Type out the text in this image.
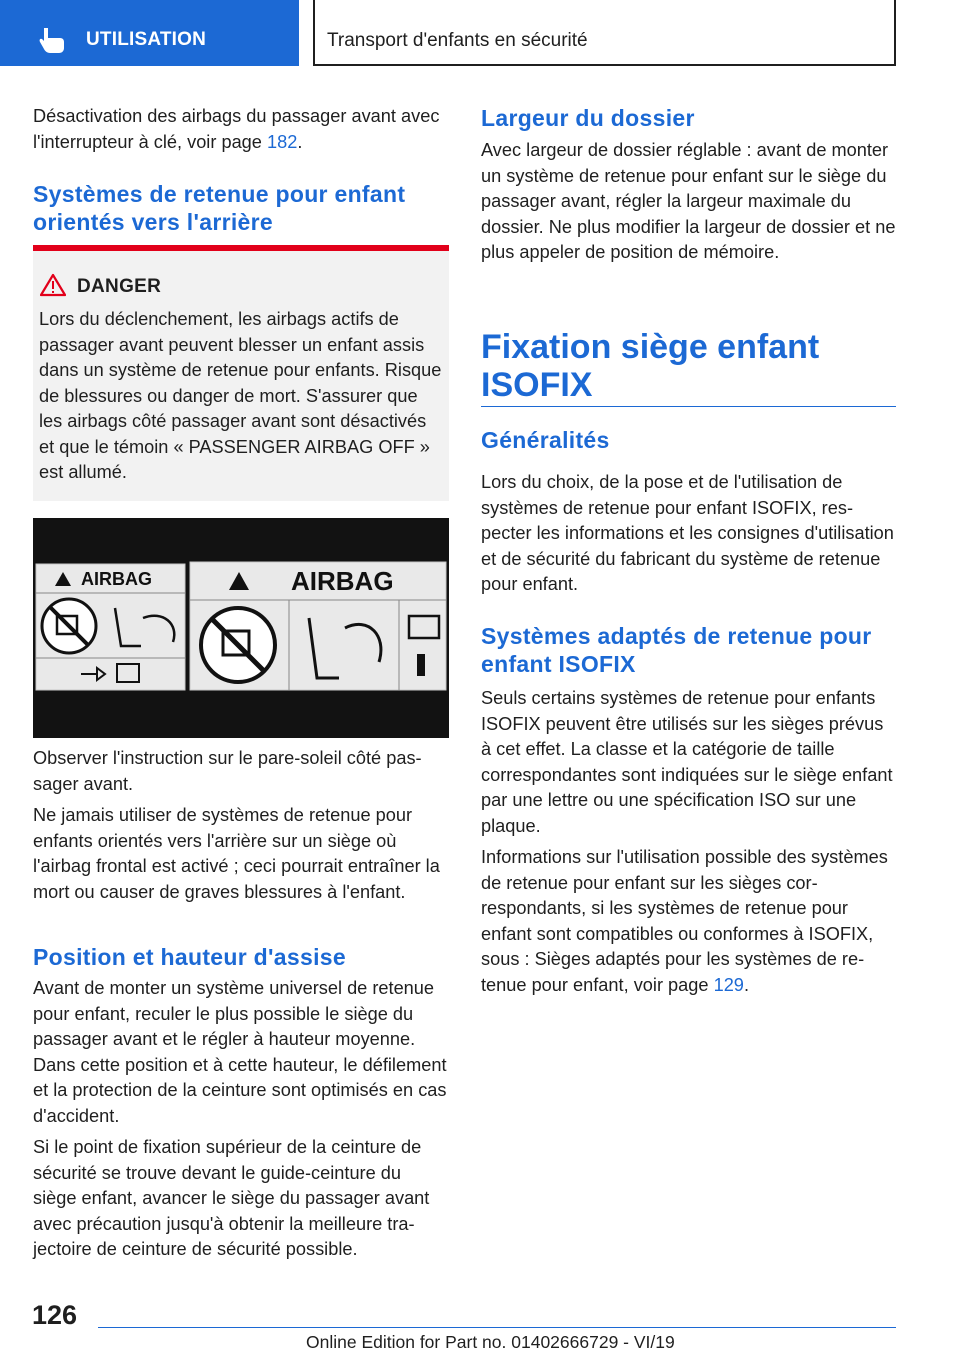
UTILISATION	Transport d'enfants en sécurité

Désactivation des airbags du passager avant avec l'interrupteur à clé, voir page 182.

Systèmes de retenue pour enfant orientés vers l'arrière
DANGER
Lors du déclenchement, les airbags actifs de passager avant peuvent blesser un enfant assis dans un système de retenue pour enfants. Risque de blessures ou danger de mort. S'assurer que les airbags côté passager avant sont désactivés et que le témoin « PASSENGER AIRBAG OFF » est allumé.
AIRBAG	AIRBAG

Observer l'instruction sur le pare-soleil côté passager avant.

Ne jamais utiliser de systèmes de retenue pour enfants orientés vers l'arrière sur un siège où l'airbag frontal est activé ; ceci pourrait entraîner la mort ou causer de graves blessures à l'enfant.

Position et hauteur d'assise

Avant de monter un système universel de retenue pour enfant, reculer le plus possible le siège du passager avant et le régler à hauteur moyenne. Dans cette position et à cette hauteur, le défilement et la protection de la ceinture sont optimisés en cas d'accident.

Si le point de fixation supérieur de la ceinture de sécurité se trouve devant le guide-ceinture du siège enfant, avancer le siège du passager avant avec précaution jusqu'à obtenir la meilleure trajectoire de ceinture de sécurité possible.

Largeur du dossier

Avec largeur de dossier réglable : avant de monter un système de retenue pour enfant sur le siège du passager avant, régler la largeur maximale du dossier. Ne plus modifier la largeur de dossier et ne plus appeler de position de mémoire.

Fixation siège enfant ISOFIX
Généralités

Lors du choix, de la pose et de l'utilisation de systèmes de retenue pour enfant ISOFIX, respecter les informations et les consignes d'utilisation et de sécurité du fabricant du système de retenue pour enfant.

Systèmes adaptés de retenue pour enfant ISOFIX

Seuls certains systèmes de retenue pour enfants ISOFIX peuvent être utilisés sur les sièges prévus à cet effet. La classe et la catégorie de taille correspondantes sont indiquées sur le siège enfant par une lettre ou une spécification ISO sur une plaque.

Informations sur l'utilisation possible des systèmes de retenue pour enfant sur les sièges correspondants, si les systèmes de retenue pour enfant sont compatibles ou conformes à ISOFIX, sous : Sièges adaptés pour les systèmes de retenue pour enfant, voir page 129.

126
Online Edition for Part no. 01402666729 - VI/19
